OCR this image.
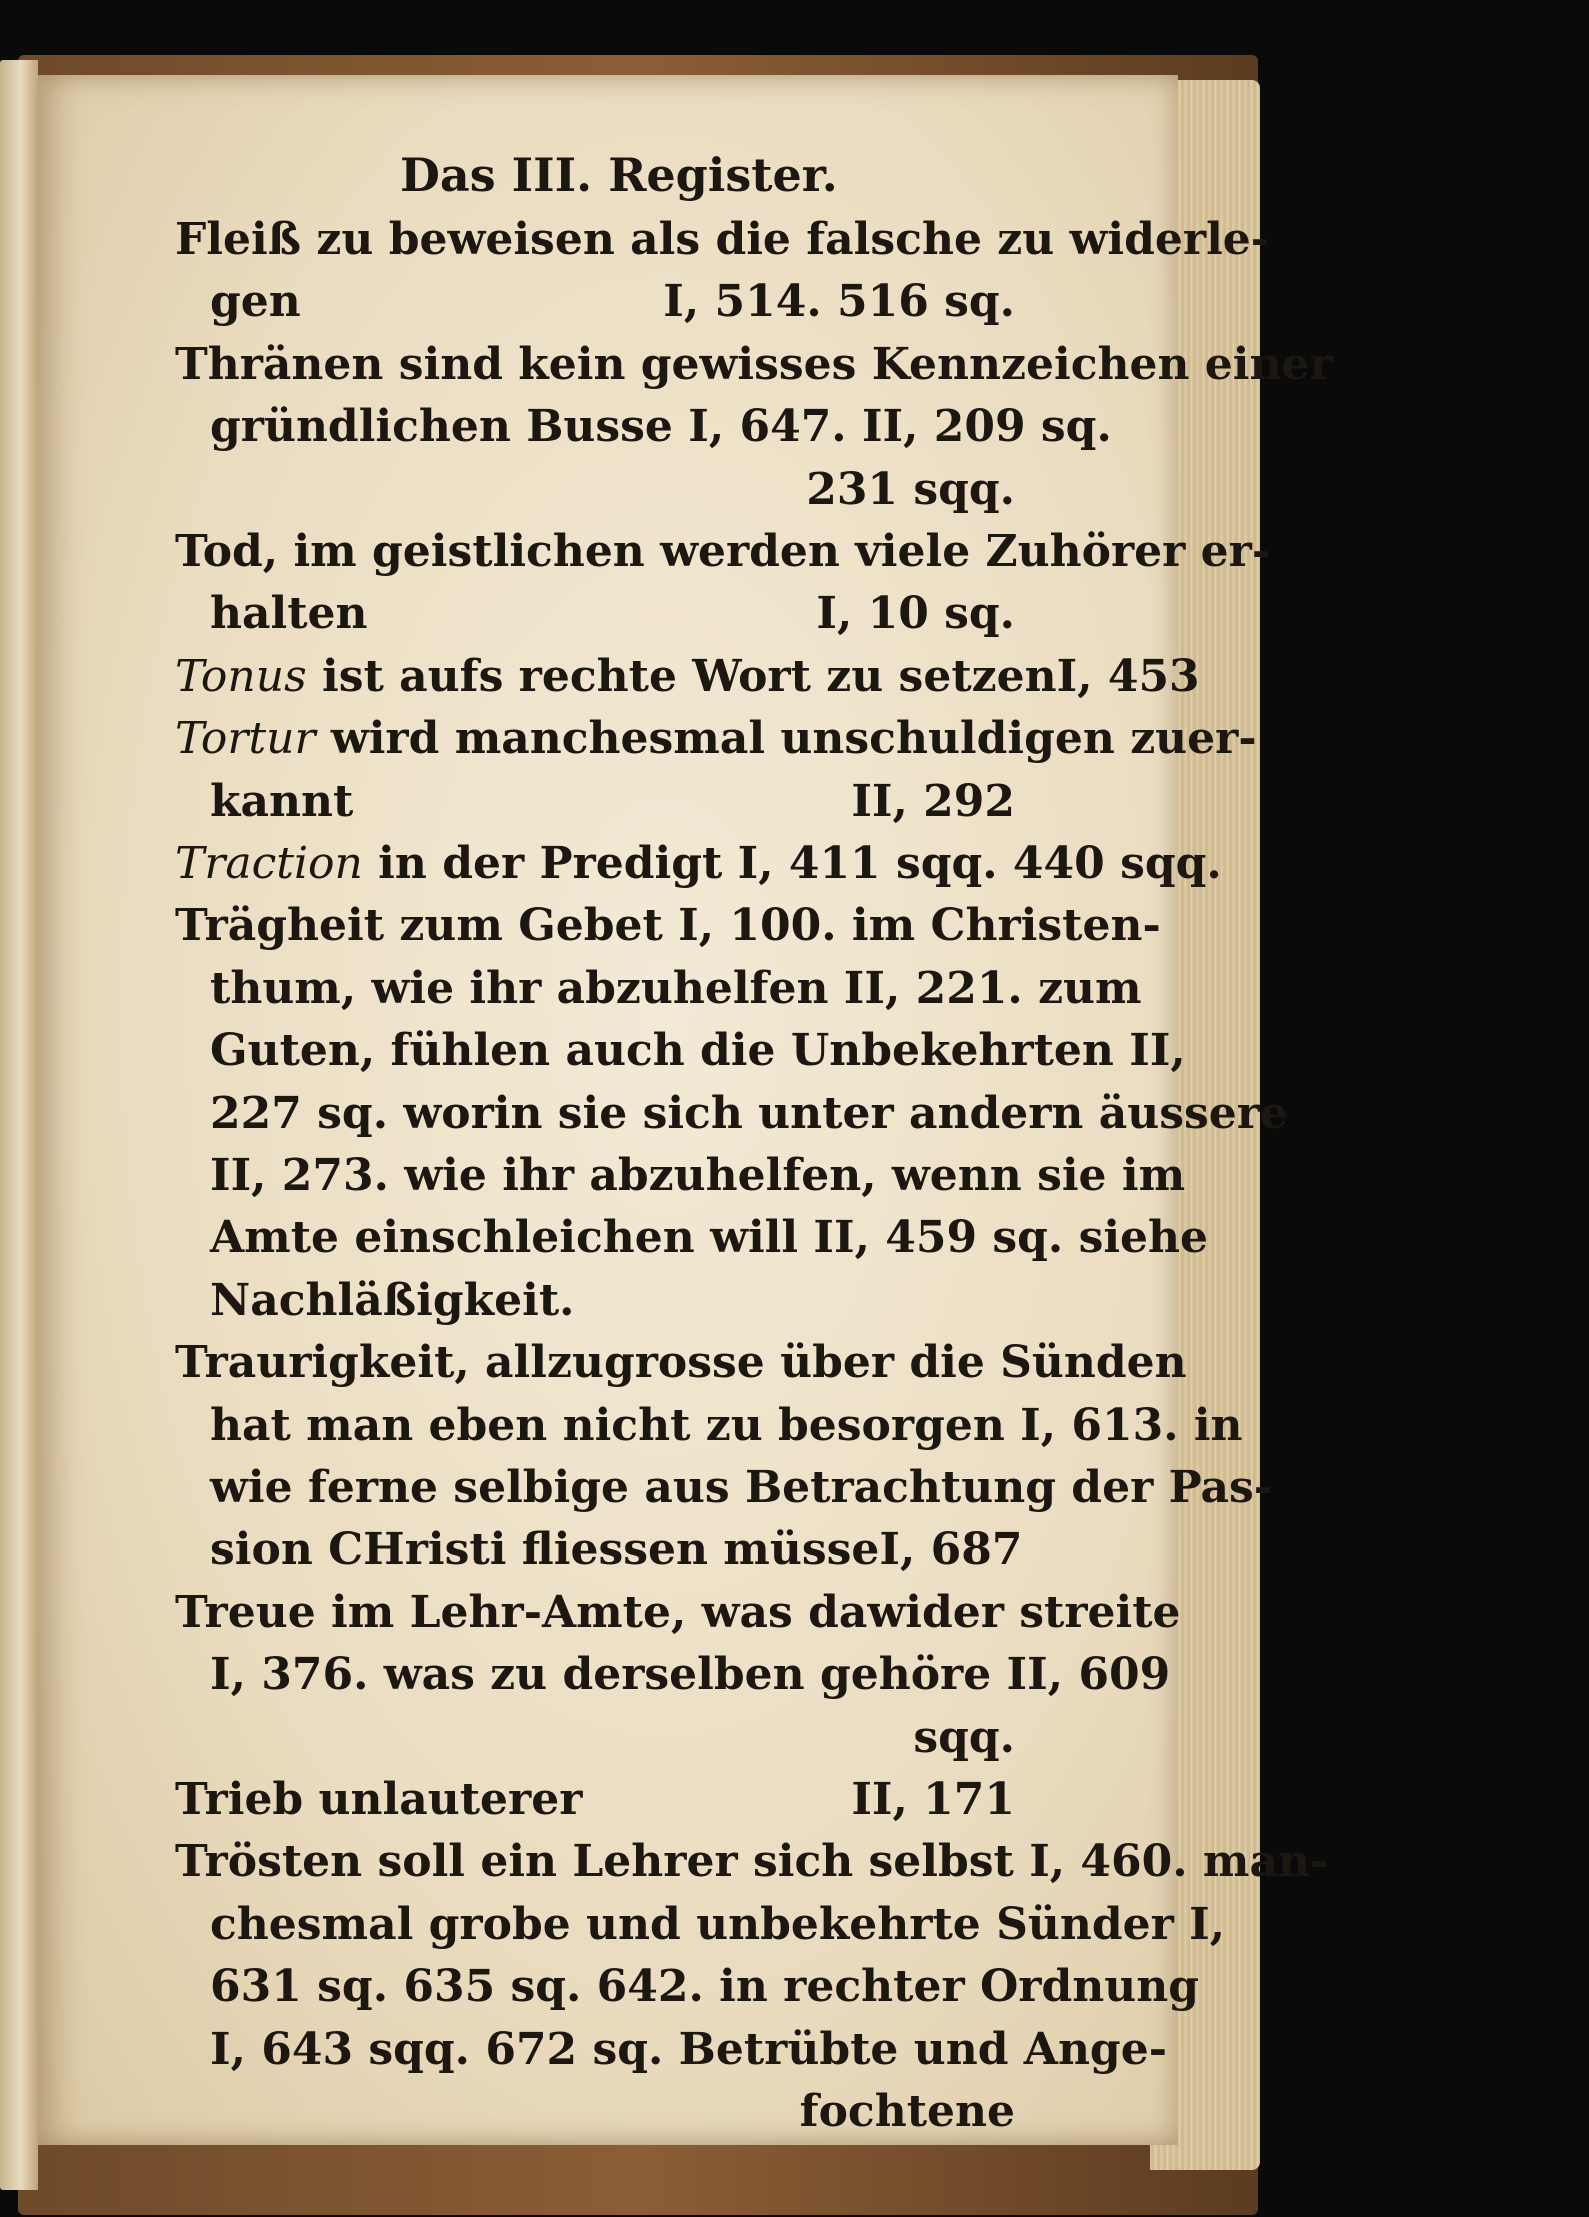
Das III. Register.
Fleiß zu beweisen als die falsche zu widerle-
gen	I, 514. 516 sq.
Thränen sind kein gewisses Kennzeichen einer
gründlichen Busse I, 647. II, 209 sq.
231 sqq.
Tod, im geistlichen werden viele Zuhörer er-
halten	I, 10 sq.
Tonus ist aufs rechte Wort zu setzen I, 453
Tortur wird manchesmal unschuldigen zuer-
kannt	II, 292
Traction in der Predigt I, 411 sqq. 440 sqq.
Trägheit zum Gebet I, 100. im Christen-
thum, wie ihr abzuhelfen II, 221. zum
Guten, fühlen auch die Unbekehrten II,
227 sq. worin sie sich unter andern äussere
II, 273. wie ihr abzuhelfen, wenn sie im
Amte einschleichen will II, 459 sq. siehe
Nachläßigkeit.
Traurigkeit, allzugrosse über die Sünden
hat man eben nicht zu besorgen I, 613. in
wie ferne selbige aus Betrachtung der Pas-
sion CHristi fliessen müsse I, 687
Treue im Lehr-Amte, was dawider streite
I, 376. was zu derselben gehöre II, 609
sqq.
Trieb unlauterer	II, 171
Trösten soll ein Lehrer sich selbst I, 460. man-
chesmal grobe und unbekehrte Sünder I,
631 sq. 635 sq. 642. in rechter Ordnung
I, 643 sqq. 672 sq. Betrübte und Ange-
fochtene
